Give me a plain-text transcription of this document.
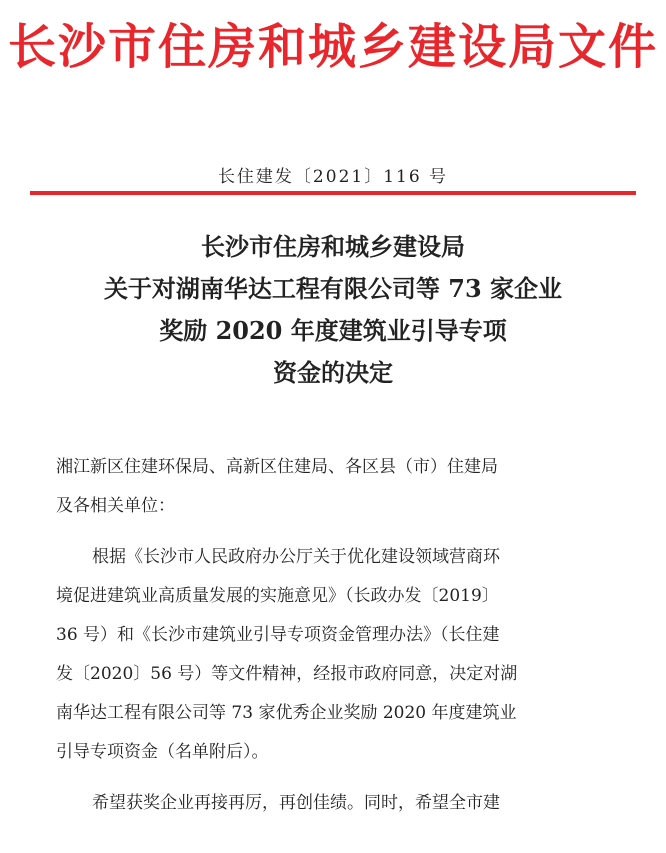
长沙市住房和城乡建设局文件
长住建发〔2021〕116 号
长沙市住房和城乡建设局
关于对湖南华达工程有限公司等 73 家企业
奖励 2020 年度建筑业引导专项
资金的决定
湘江新区住建环保局、高新区住建局、各区县（市）住建局
及各相关单位：
根据《长沙市人民政府办公厅关于优化建设领域营商环
境促进建筑业高质量发展的实施意见》（长政办发〔2019〕
36 号）和《长沙市建筑业引导专项资金管理办法》（长住建
发〔2020〕56 号）等文件精神，经报市政府同意，决定对湖
南华达工程有限公司等 73 家优秀企业奖励 2020 年度建筑业
引导专项资金（名单附后）。
希望获奖企业再接再厉，再创佳绩。同时，希望全市建
